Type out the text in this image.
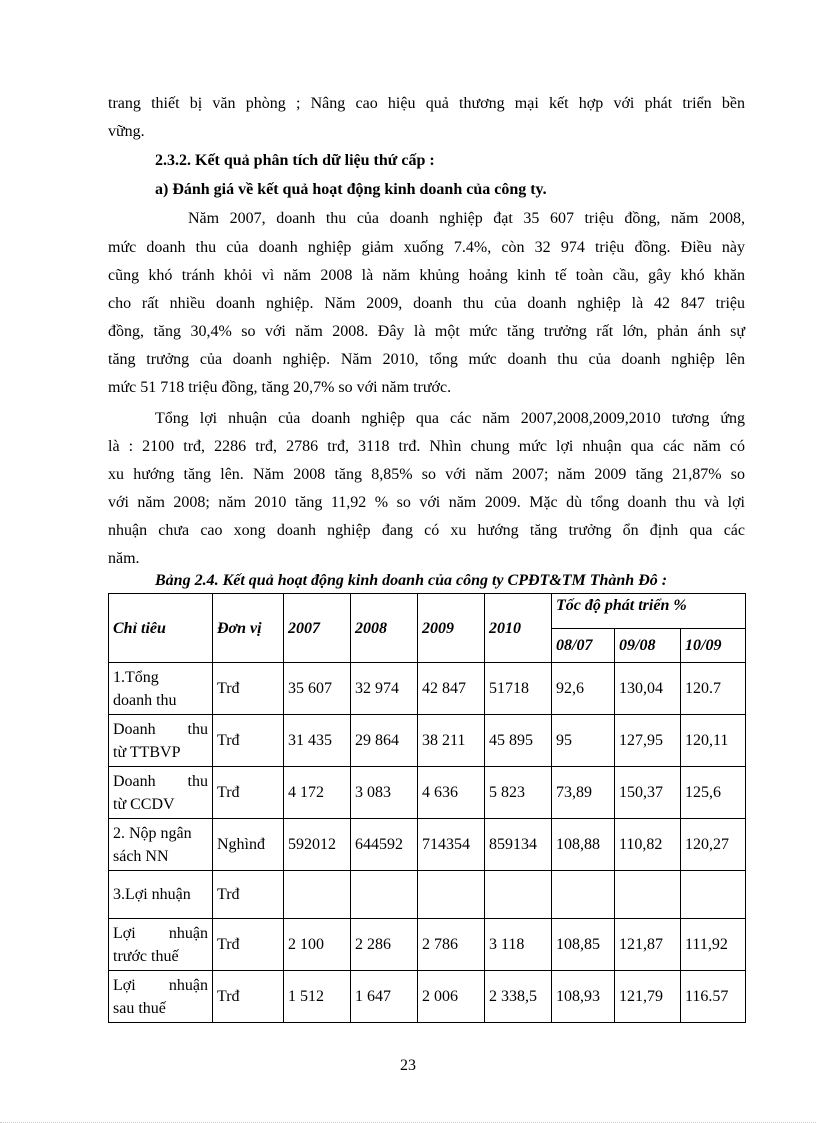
trang thiết bị văn phòng ; Nâng cao hiệu quả thương mại kết hợp với phát triển bền

vững.

2.3.2. Kết quả phân tích dữ liệu thứ cấp :

a) Đánh giá về kết quả hoạt động kinh doanh của công ty.

Năm 2007, doanh thu của doanh nghiệp đạt 35 607 triệu đồng, năm 2008,

mức doanh thu của doanh nghiệp giảm xuống 7.4%, còn 32 974 triệu đồng. Điều này

cũng khó tránh khỏi vì năm 2008 là năm khủng hoảng kinh tế toàn cầu, gây khó khăn

cho rất nhiều doanh nghiệp. Năm 2009, doanh thu của doanh nghiệp là 42 847 triệu

đồng, tăng 30,4% so với năm 2008. Đây là một mức tăng trưởng rất lớn, phản ánh sự

tăng trưởng của doanh nghiệp. Năm 2010, tổng mức doanh thu của doanh nghiệp lên

mức 51 718 triệu đồng, tăng 20,7% so với năm trước.

Tổng lợi nhuận của doanh nghiệp qua các năm 2007,2008,2009,2010 tương ứng

là : 2100 trđ, 2286 trđ, 2786 trđ, 3118 trđ. Nhìn chung mức lợi nhuận qua các năm có

xu hướng tăng lên. Năm 2008 tăng 8,85% so với năm 2007; năm 2009 tăng 21,87% so

với năm 2008; năm 2010 tăng 11,92 % so với năm 2009. Mặc dù tổng doanh thu và lợi

nhuận chưa cao xong doanh nghiệp đang có xu hướng tăng trưởng ổn định qua các

năm.

Bảng 2.4. Kết quả hoạt động kinh doanh của công ty CPĐT&TM Thành Đô :

Chỉ tiêu	Đơn vị	2007	2008	2009	2010	Tốc độ phát triển %		
						08/07	09/08	10/09
1.Tổng
doanh thu	Trđ	35 607	32 974	42 847	51718	92,6	130,04	120.7

Doanh thu
từ TTBVP	Trđ	31 435	29 864	38 211	45 895	95	127,95	120,11

Doanh thu
từ CCDV	Trđ	4 172	3 083	4 636	5 823	73,89	150,37	125,6
2. Nộp ngân
sách NN	Nghìnđ	592012	644592	714354	859134	108,88	110,82	120,27
3.Lợi nhuận	Trđ							

Lợi nhuận
trước thuế	Trđ	2 100	2 286	2 786	3 118	108,85	121,87	111,92

Lợi nhuận
sau thuế	Trđ	1 512	1 647	2 006	2 338,5	108,93	121,79	116.57
23
